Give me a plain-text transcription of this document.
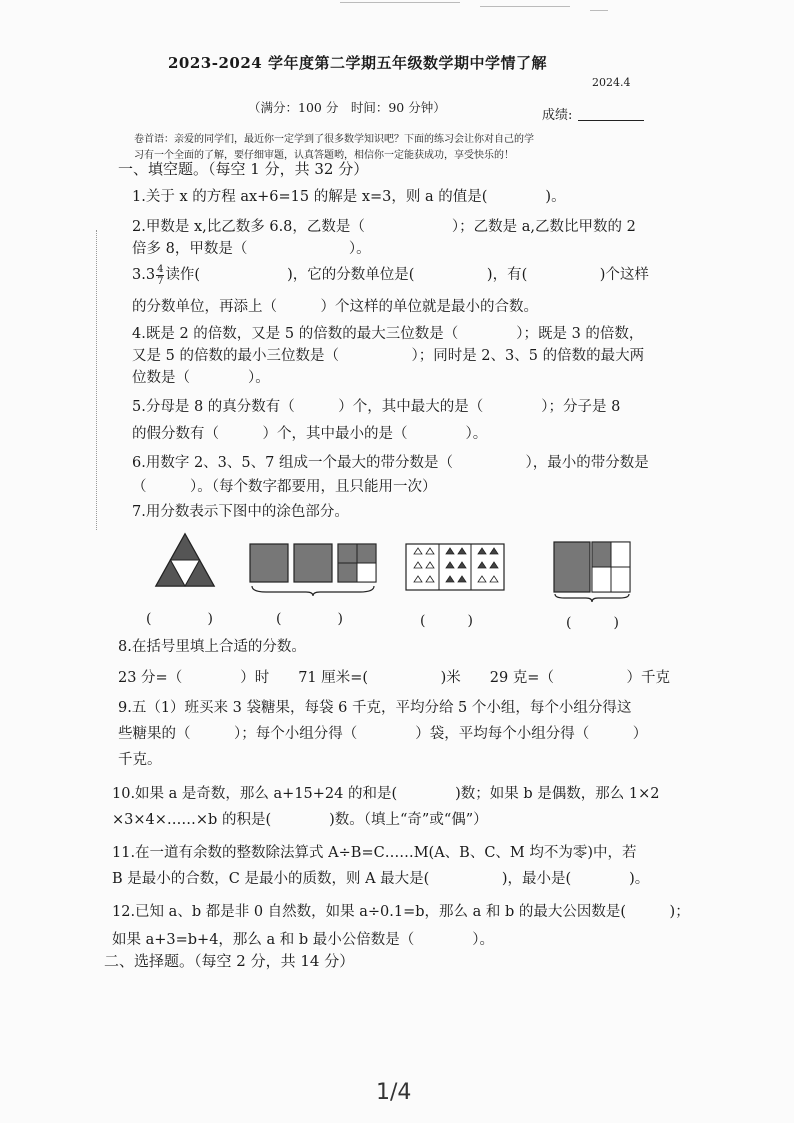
2023-2024 学年度第二学期五年级数学期中学情了解
2024.4
（满分：100 分　时间：90 分钟）
成绩:
卷首语：亲爱的同学们，最近你一定学到了很多数学知识吧？下面的练习会让你对自己的学
习有一个全面的了解，要仔细审题，认真答题哟，相信你一定能获成功，享受快乐的！
一、填空题。（每空 1 分，共 32 分）
1.关于 x 的方程 ax+6=15 的解是 x=3，则 a 的值是(　　　　)。
2.甲数是 x,比乙数多 6.8，乙数是（　　　　　　）；乙数是 a,乙数比甲数的 2
倍多 8，甲数是（　　　　　　　）。
$3.3 \frac{4}{7}$ 读作(　　　　　　)，它的分数单位是(　　　　　)，有(　　　　　)个这样
的分数单位，再添上（　　　）个这样的单位就是最小的合数。
4.既是 2 的倍数，又是 5 的倍数的最大三位数是（　　　　）；既是 3 的倍数，
又是 5 的倍数的最小三位数是（　　　　　）；同时是 2、3、5 的倍数的最大两
位数是（　　　　）。
5.分母是 8 的真分数有（　　　）个，其中最大的是（　　　　）；分子是 8
的假分数有（　　　）个，其中最小的是（　　　　）。
6.用数字 2、3、5、7 组成一个最大的带分数是（　　　　　），最小的带分数是
（　　　）。（每个数字都要用，且只能用一次）
7.用分数表示下图中的涂色部分。
(　　　　)	(　　　　)	(　　　)	(　　　)
8.在括号里填上合适的分数。
23 分=（　　　　）时　　71 厘米=(　　　　　)米　　29 克=（　　　　　）千克
9.五（1）班买来 3 袋糖果，每袋 6 千克，平均分给 5 个小组，每个小组分得这
些糖果的（　　　）；每个小组分得（　　　　）袋，平均每个小组分得（　　　）
千克。
10.如果 a 是奇数，那么 a+15+24 的和是(　　　　)数；如果 b 是偶数，那么 1×2
×3×4×……×b 的积是(　　　　)数。（填上“奇”或“偶”）
11.在一道有余数的整数除法算式 A÷B=C……M(A、B、C、M 均不为零)中，若
B 是最小的合数，C 是最小的质数，则 A 最大是(　　　　　)，最小是(　　　　)。
12.已知 a、b 都是非 0 自然数，如果 a÷0.1=b，那么 a 和 b 的最大公因数是(　　　)；
如果 a+3=b+4，那么 a 和 b 最小公倍数是（　　　　）。
二、选择题。（每空 2 分，共 14 分）
1/4
